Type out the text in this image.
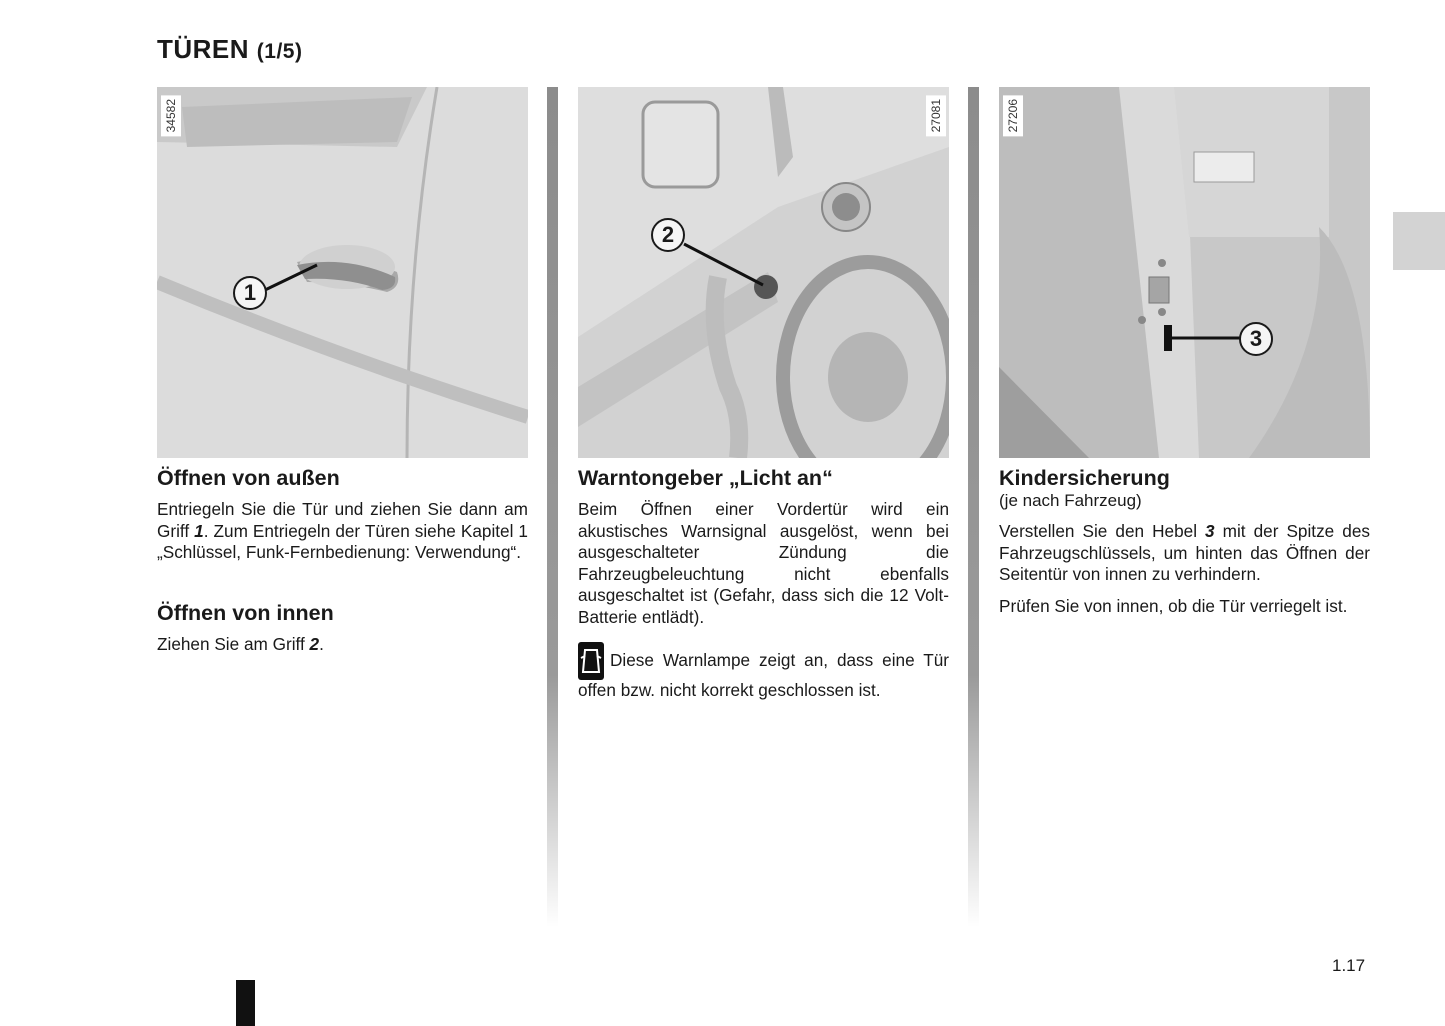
TÜREN (1/5)
34582
1
27081
2
27206
3
Öffnen von außen

Entriegeln Sie die Tür und ziehen Sie dann am Griff 1. Zum Entriegeln der Türen siehe Kapitel 1 „Schlüssel, Funk-Fernbedienung: Verwendung“.

Öffnen von innen

Ziehen Sie am Griff 2.

Warntongeber „Licht an“

Beim Öffnen einer Vordertür wird ein akustisches Warnsignal ausgelöst, wenn bei ausgeschalteter Zündung die Fahrzeugbeleuchtung nicht ebenfalls ausgeschaltet ist (Gefahr, dass sich die 12 Volt-Batterie entlädt).

Diese Warnlampe zeigt an, dass eine Tür offen bzw. nicht korrekt geschlossen ist.

Kindersicherung
(je nach Fahrzeug)

Verstellen Sie den Hebel 3 mit der Spitze des Fahrzeugschlüssels, um hinten das Öffnen der Seitentür von innen zu verhindern.

Prüfen Sie von innen, ob die Tür verriegelt ist.

1.17
